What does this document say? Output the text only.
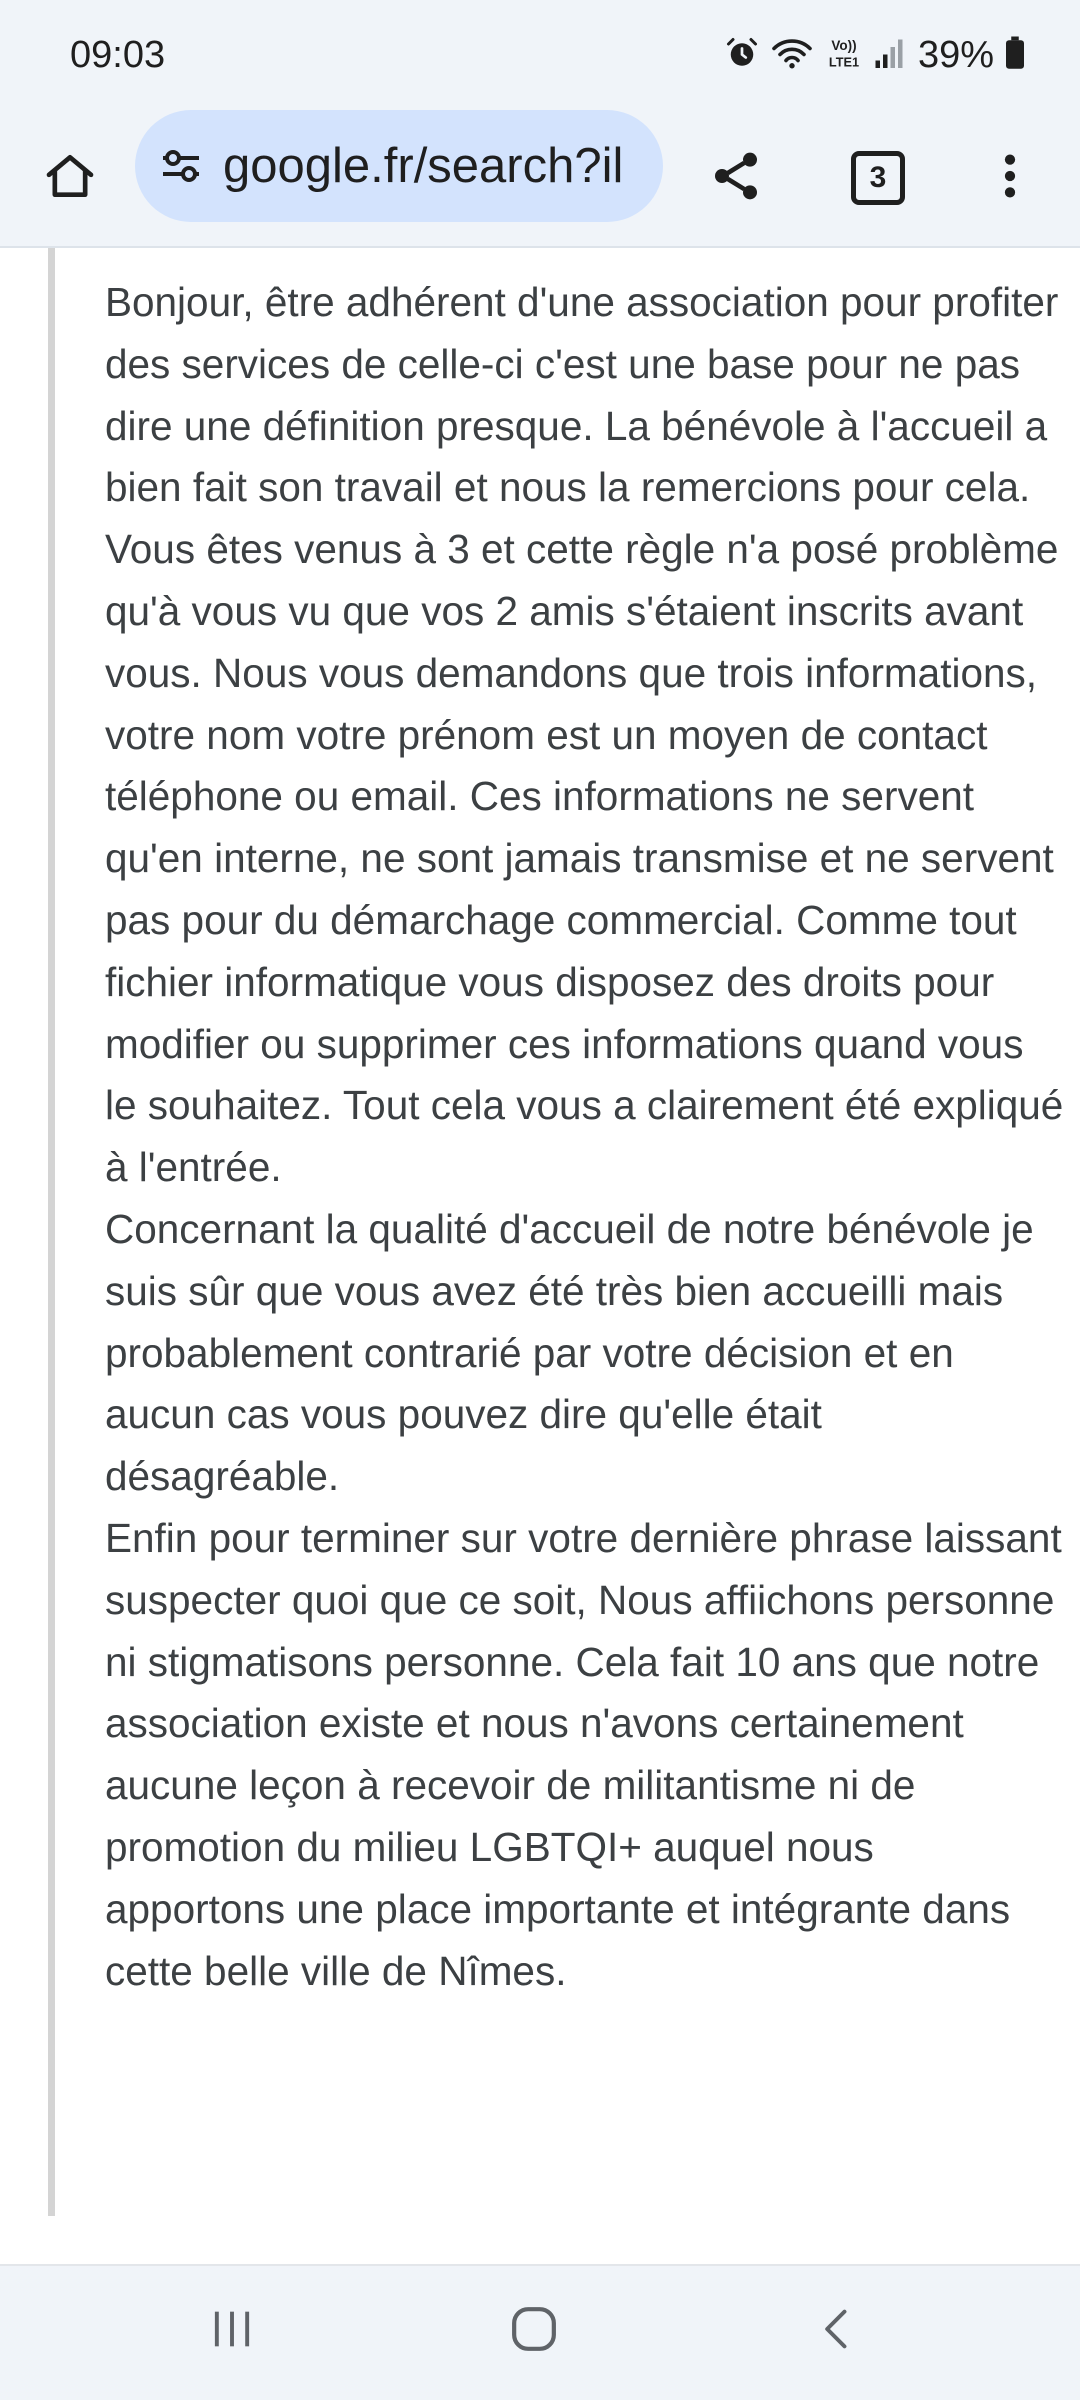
09:03	Vo))
LTE1 39%
google.fr/search?il	3

Bonjour, être adhérent d'une association pour profiter des services de celle-ci c'est une base pour ne pas dire une définition presque. La bénévole à l'accueil a bien fait son travail et nous la remercions pour cela. Vous êtes venus à 3 et cette règle n'a posé problème qu'à vous vu que vos 2 amis s'étaient inscrits avant vous. Nous vous demandons que trois informations, votre nom votre prénom est un moyen de contact téléphone ou email. Ces informations ne servent qu'en interne, ne sont jamais transmise et ne servent pas pour du démarchage commercial. Comme tout fichier informatique vous disposez des droits pour modifier ou supprimer ces informations quand vous le souhaitez. Tout cela vous a clairement été expliqué à l'entrée.

Concernant la qualité d'accueil de notre bénévole je suis sûr que vous avez été très bien accueilli mais probablement contrarié par votre décision et en aucun cas vous pouvez dire qu'elle était désagréable.

Enfin pour terminer sur votre dernière phrase laissant suspecter quoi que ce soit, Nous affiichons personne ni stigmatisons personne. Cela fait 10 ans que notre association existe et nous n'avons certainement aucune leçon à recevoir de militantisme ni de promotion du milieu LGBTQI+ auquel nous apportons une place importante et intégrante dans cette belle ville de Nîmes.
